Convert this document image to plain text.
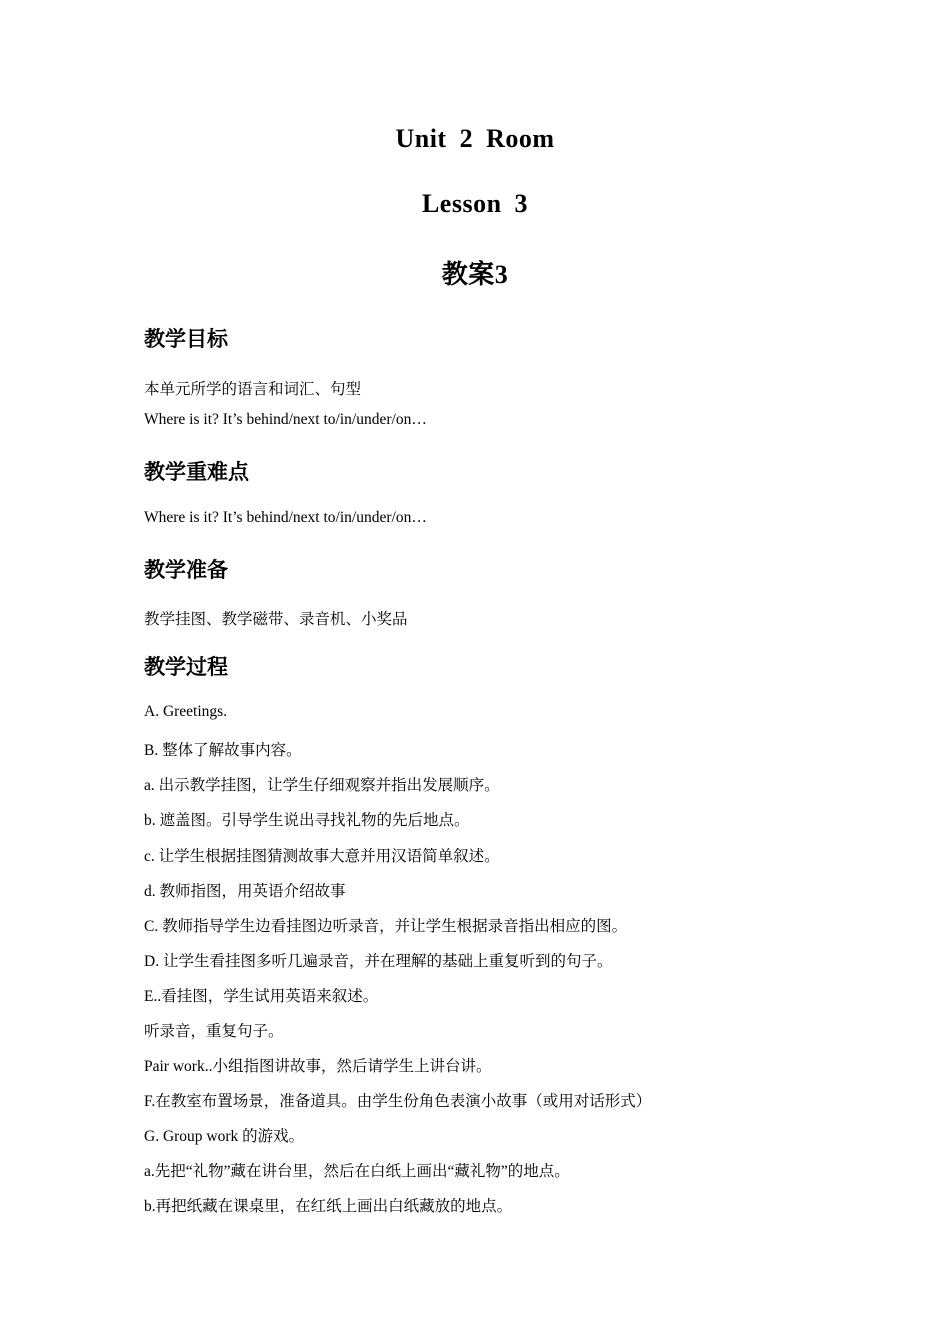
Unit 2 Room
Lesson 3
教案3
教学目标
本单元所学的语言和词汇、句型
Where is it? It’s behind/next to/in/under/on…
教学重难点
Where is it? It’s behind/next to/in/under/on…
教学准备
教学挂图、教学磁带、录音机、小奖品
教学过程
A. Greetings.
B. 整体了解故事内容。
a. 出示教学挂图，让学生仔细观察并指出发展顺序。
b. 遮盖图。引导学生说出寻找礼物的先后地点。
c. 让学生根据挂图猜测故事大意并用汉语简单叙述。
d. 教师指图，用英语介绍故事
C. 教师指导学生边看挂图边听录音，并让学生根据录音指出相应的图。
D. 让学生看挂图多听几遍录音，并在理解的基础上重复听到的句子。
E..看挂图，学生试用英语来叙述。
听录音，重复句子。
Pair work..小组指图讲故事，然后请学生上讲台讲。
F.在教室布置场景，准备道具。由学生份角色表演小故事（或用对话形式）
G. Group work 的游戏。
a.先把“礼物”藏在讲台里，然后在白纸上画出“藏礼物”的地点。
b.再把纸藏在课桌里，在红纸上画出白纸藏放的地点。
